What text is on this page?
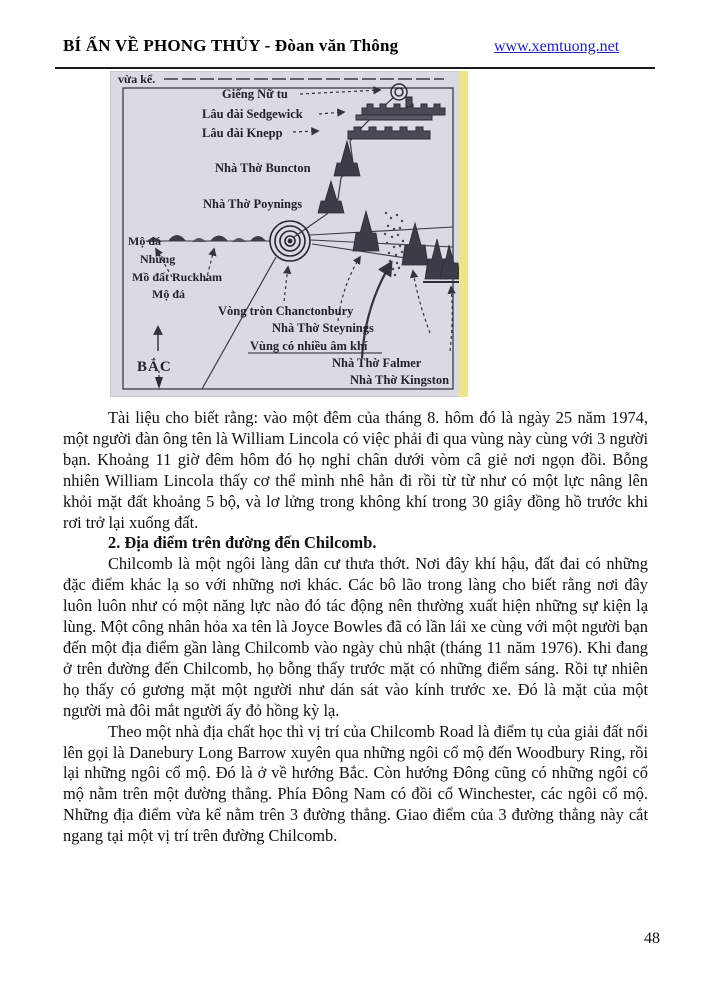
BÍ ẨN VỀ PHONG THỦY - Đòan văn Thông	www.xemtuong.net
vừa kể.
Giếng Nữ tu
Lâu đài Sedgewick
Lâu đài Knepp
Nhà Thờ Buncton
Nhà Thờ Poynings
Mộ đá
Những
Mồ đất Ruckham
Mộ đá
Vòng tròn Chanctonbury
Nhà Thờ Steynings
Vùng có nhiều âm khí
Nhà Thờ Falmer
Nhà Thờ Kingston
BẮC

Tài liệu cho biết rằng: vào một đêm của tháng 8. hôm đó là ngày 25 năm 1974, một người đàn ông tên là William Lincola có việc phải đi qua vùng này cùng với 3 người bạn. Khoảng 11 giờ đêm hôm đó họ nghỉ chân dưới vòm câ giẻ nơi ngọn đồi. Bỗng nhiên William Lincola thấy cơ thể mình nhê hẳn đi rồi từ từ như có một lực nâng lên khỏi mặt đất khoảng 5 bộ, và lơ lửng trong không khí trong 30 giây đồng hồ trước khi rơi trở lại xuống đất.

2. Địa điểm trên đường đến Chilcomb.

Chilcomb là một ngôi làng dân cư thưa thớt. Nơi đây khí hậu, đất đai có những đặc điểm khác lạ so với những nơi khác. Các bô lão trong làng cho biết rằng nơi đây luôn luôn như có một năng lực nào đó tác động nên thường xuất hiện những sự kiện lạ lùng. Một công nhân hỏa xa tên là Joyce Bowles đã có lần lái xe cùng với một người bạn đến một địa điểm gần làng Chilcomb vào ngày chủ nhật (tháng 11 năm 1976). Khi đang ở trên đường đến Chilcomb, họ bỗng thấy trước mặt có những điểm sáng. Rồi tự nhiên họ thấy có gương mặt một người như dán sát vào kính trước xe. Đó là mặt của một người mà đôi mắt người ấy đỏ hồng kỳ lạ.

Theo một nhà địa chất học thì vị trí của Chilcomb Road là điểm tụ của giải đất nổi lên gọi là Danebury Long Barrow xuyên qua những ngôi cổ mộ đến Woodbury Ring, rồi lại những ngôi cổ mộ. Đó là ở về hướng Bắc. Còn hướng Đông cũng có những ngôi cổ mộ nằm trên một đường thẳng. Phía Đông Nam có đồi cổ Winchester, các ngôi cổ mộ. Những địa điểm vừa kể nằm trên 3 đường thẳng. Giao điểm của 3 đường thẳng này cắt ngang tại một vị trí trên đường Chilcomb.

48
